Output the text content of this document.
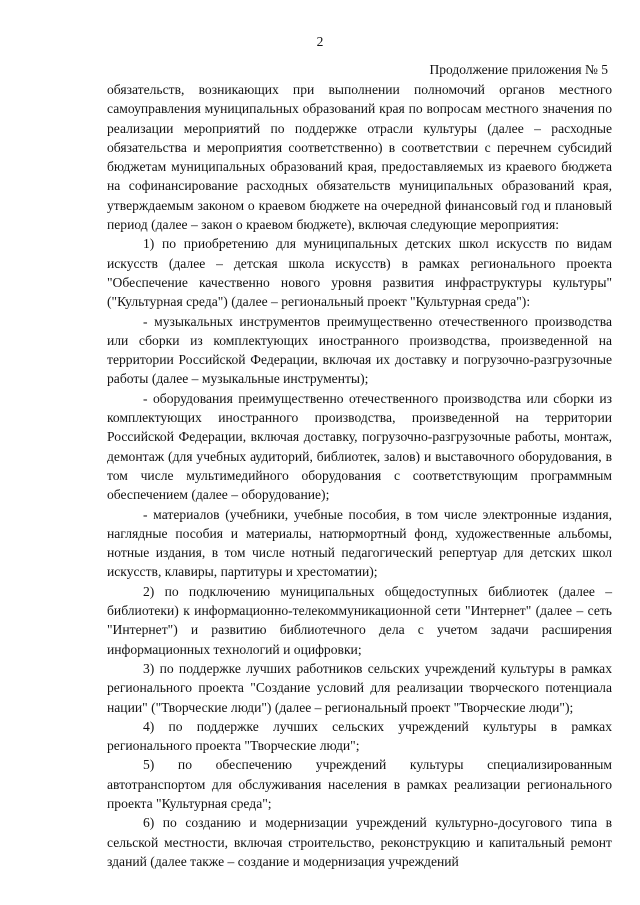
2
Продолжение приложения № 5

обязательств, возникающих при выполнении полномочий органов местного самоуправления муниципальных образований края по вопросам местного значения по реализации мероприятий по поддержке отрасли культуры (далее – расходные обязательства и мероприятия соответственно) в соответствии с перечнем субсидий бюджетам муниципальных образований края, предоставляемых из краевого бюджета на софинансирование расходных обязательств муниципальных образований края, утверждаемым законом о краевом бюджете на очередной финансовый год и плановый период (далее – закон о краевом бюджете), включая следующие мероприятия:

1) по приобретению для муниципальных детских школ искусств по видам искусств (далее – детская школа искусств) в рамках регионального проекта "Обеспечение качественно нового уровня развития инфраструктуры культуры" ("Культурная среда") (далее – региональный проект "Культурная среда"):

- музыкальных инструментов преимущественно отечественного производства или сборки из комплектующих иностранного производства, произведенной на территории Российской Федерации, включая их доставку и погрузочно-разгрузочные работы (далее – музыкальные инструменты);

- оборудования преимущественно отечественного производства или сборки из комплектующих иностранного производства, произведенной на территории Российской Федерации, включая доставку, погрузочно-разгрузочные работы, монтаж, демонтаж (для учебных аудиторий, библиотек, залов) и выставочного оборудования, в том числе мультимедийного оборудования с соответствующим программным обеспечением (далее – оборудование);

- материалов (учебники, учебные пособия, в том числе электронные издания, наглядные пособия и материалы, натюрмортный фонд, художественные альбомы, нотные издания, в том числе нотный педагогический репертуар для детских школ искусств, клавиры, партитуры и хрестоматии);

2) по подключению муниципальных общедоступных библиотек (далее – библиотеки) к информационно-телекоммуникационной сети "Интернет" (далее – сеть "Интернет") и развитию библиотечного дела с учетом задачи расширения информационных технологий и оцифровки;

3) по поддержке лучших работников сельских учреждений культуры в рамках регионального проекта "Создание условий для реализации творческого потенциала нации" ("Творческие люди") (далее – региональный проект "Творческие люди");

4) по поддержке лучших сельских учреждений культуры в рамках регионального проекта "Творческие люди";

5) по обеспечению учреждений культуры специализированным автотранспортом для обслуживания населения в рамках реализации регионального проекта "Культурная среда";

6) по созданию и модернизации учреждений культурно-досугового типа в сельской местности, включая строительство, реконструкцию и капитальный ремонт зданий (далее также – создание и модернизация учреждений
